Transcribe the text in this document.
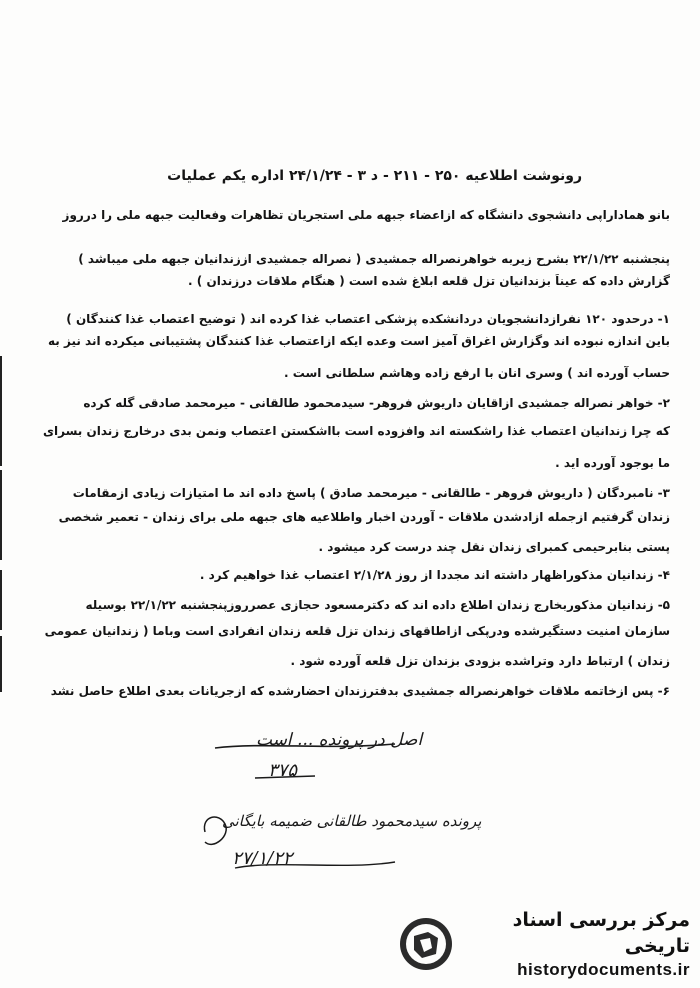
رونوشت اطلاعیه ۲۵۰ - ۲۱۱ - د ۳ - ۲۴/۱/۲۴ اداره یکم عملیات
بانو هماداراپی دانشجوی دانشگاه که ازاعضاء جبهه ملی استجریان تظاهرات وفعالیت جبهه ملی را درروز
پنجشنبه ۲۲/۱/۲۲ بشرح زیربه خواهرنصراله جمشیدی ( نصراله جمشیدی اززندانیان جبهه ملی میباشد )
گزارش داده که عیناً بزندانیان تزل قلعه ابلاغ شده است ( هنگام ملاقات درزندان ) .
۱- درحدود ۱۲۰ نفرازدانشجویان دردانشکده پزشکی اعتصاب غذا کرده اند ( توضیح اعتصاب غذا کنندگان )
باین اندازه نبوده اند وگزارش اغراق آمیز است وعده ایکه ازاعتصاب غذا کنندگان پشتیبانی میکرده اند نیز به
حساب آورده اند ) وسری انان با ارفع زاده وهاشم سلطانی است .
۲- خواهر نصراله جمشیدی ازاقایان داریوش فروهر- سیدمحمود طالقانی - میرمحمد صادقی گله کرده
که چرا زندانیان اعتصاب غذا راشکسته اند وافزوده است بااشکستن اعتصاب ونمن بدی درخارج زندان بسرای
ما بوجود آورده اید .
۳- نامبردگان ( داریوش فروهر - طالقانی - میرمحمد صادق ) پاسخ داده اند ما امتیازات زیادی ازمقامات
زندان گرفتیم ازجمله ازادشدن ملاقات - آوردن اخبار واطلاعیه های جبهه ملی برای زندان - تعمیر شخصی
پستی بنابرحیمی کمبرای زندان نقل چند درست کرد میشود .
۴- زندانیان مذکوراظهار داشته اند مجددا از روز ۲/۱/۲۸ اعتصاب غذا خواهیم کرد .
۵- زندانیان مذکوربخارج زندان اطلاع داده اند که دکترمسعود حجازی عصرروزپنجشنبه ۲۲/۱/۲۲ بوسیله
سازمان امنیت دستگیرشده ودرپکی ازاطاقهای زندان تزل قلعه زندان انفرادی است وباما ( زندانیان عمومی
زندان ) ارتباط دارد وتراشده بزودی بزندان تزل قلعه آورده شود .
۶- پس ازخاتمه ملاقات خواهرنصراله جمشیدی بدفترزندان احضارشده که ازجریانات بعدی اطلاع حاصل نشد
اصل در پرونده ... است
۳۷۵
پرونده سیدمحمود طالقانی ضمیمه بایگانی
۲۷/۱/۲۲
مرکز بررسی اسناد تاریخی
historydocuments.ir
